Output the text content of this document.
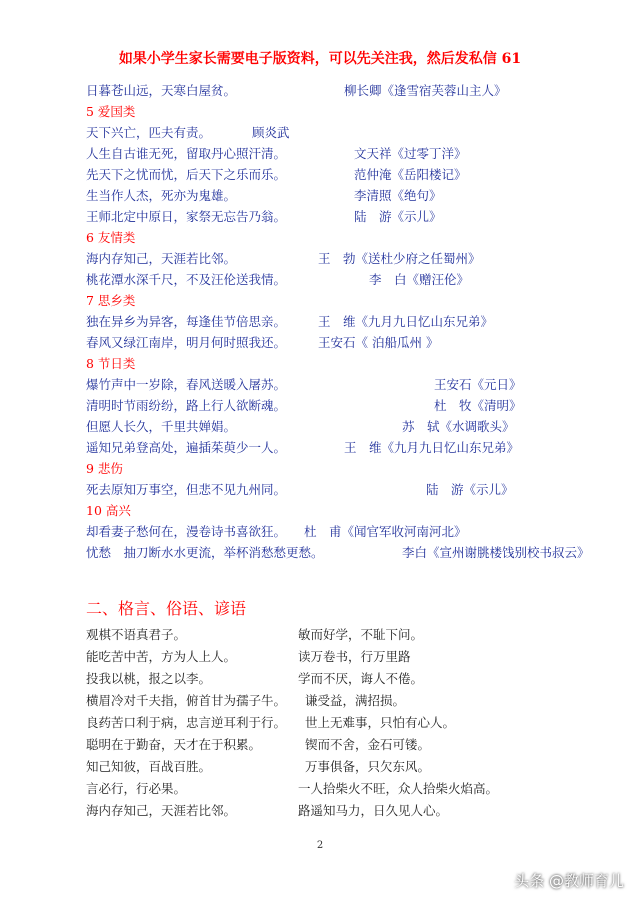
如果小学生家长需要电子版资料，可以先关注我，然后发私信 61
日暮苍山远，天寒白屋贫。	柳长卿《逢雪宿芙蓉山主人》
5 爱国类
天下兴亡，匹夫有责。	顾炎武
人生自古谁无死，留取丹心照汗清。	文天祥《过零丁洋》
先天下之忧而忧，后天下之乐而乐。	范仲淹《岳阳楼记》
生当作人杰，死亦为鬼雄。	李清照《绝句》
王师北定中原日，家祭无忘告乃翁。	陆　游《示儿》
6 友情类
海内存知己，天涯若比邻。	王　勃《送杜少府之任蜀州》
桃花潭水深千尺，不及汪伦送我情。	李　白《赠汪伦》
7 思乡类
独在异乡为异客，每逢佳节倍思亲。	王　维《九月九日忆山东兄弟》
春风又绿江南岸，明月何时照我还。	王安石《 泊船瓜州 》
8 节日类
爆竹声中一岁除，春风送暖入屠苏。	王安石《元日》
清明时节雨纷纷，路上行人欲断魂。	杜　牧《清明》
但愿人长久，千里共婵娟。	苏　轼《水调歌头》
遥知兄弟登高处，遍插茱萸少一人。	王　维《九月九日忆山东兄弟》
9 悲伤
死去原知万事空，但悲不见九州同。	陆　游《示儿》
10 高兴
却看妻子愁何在，漫卷诗书喜欲狂。 杜　甫《闻官军收河南河北》
忧愁　抽刀断水水更流，举杯消愁愁更愁。	李白《宣州谢朓楼饯别校书叔云》
二、格言、俗语、谚语
观棋不语真君子。	敏而好学，不耻下问。
能吃苦中苦，方为人上人。	读万卷书，行万里路
投我以桃，报之以李。	学而不厌，诲人不倦。
横眉冷对千夫指，俯首甘为孺子牛。 谦受益，满招损。
良药苦口利于病，忠言逆耳利于行。 世上无难事，只怕有心人。
聪明在于勤奋，天才在于积累。	锲而不舍，金石可镂。
知己知彼，百战百胜。	万事俱备，只欠东风。
言必行，行必果。	一人拾柴火不旺，众人拾柴火焰高。
海内存知己，天涯若比邻。	路遥知马力，日久见人心。
2
头条 @教师育儿
